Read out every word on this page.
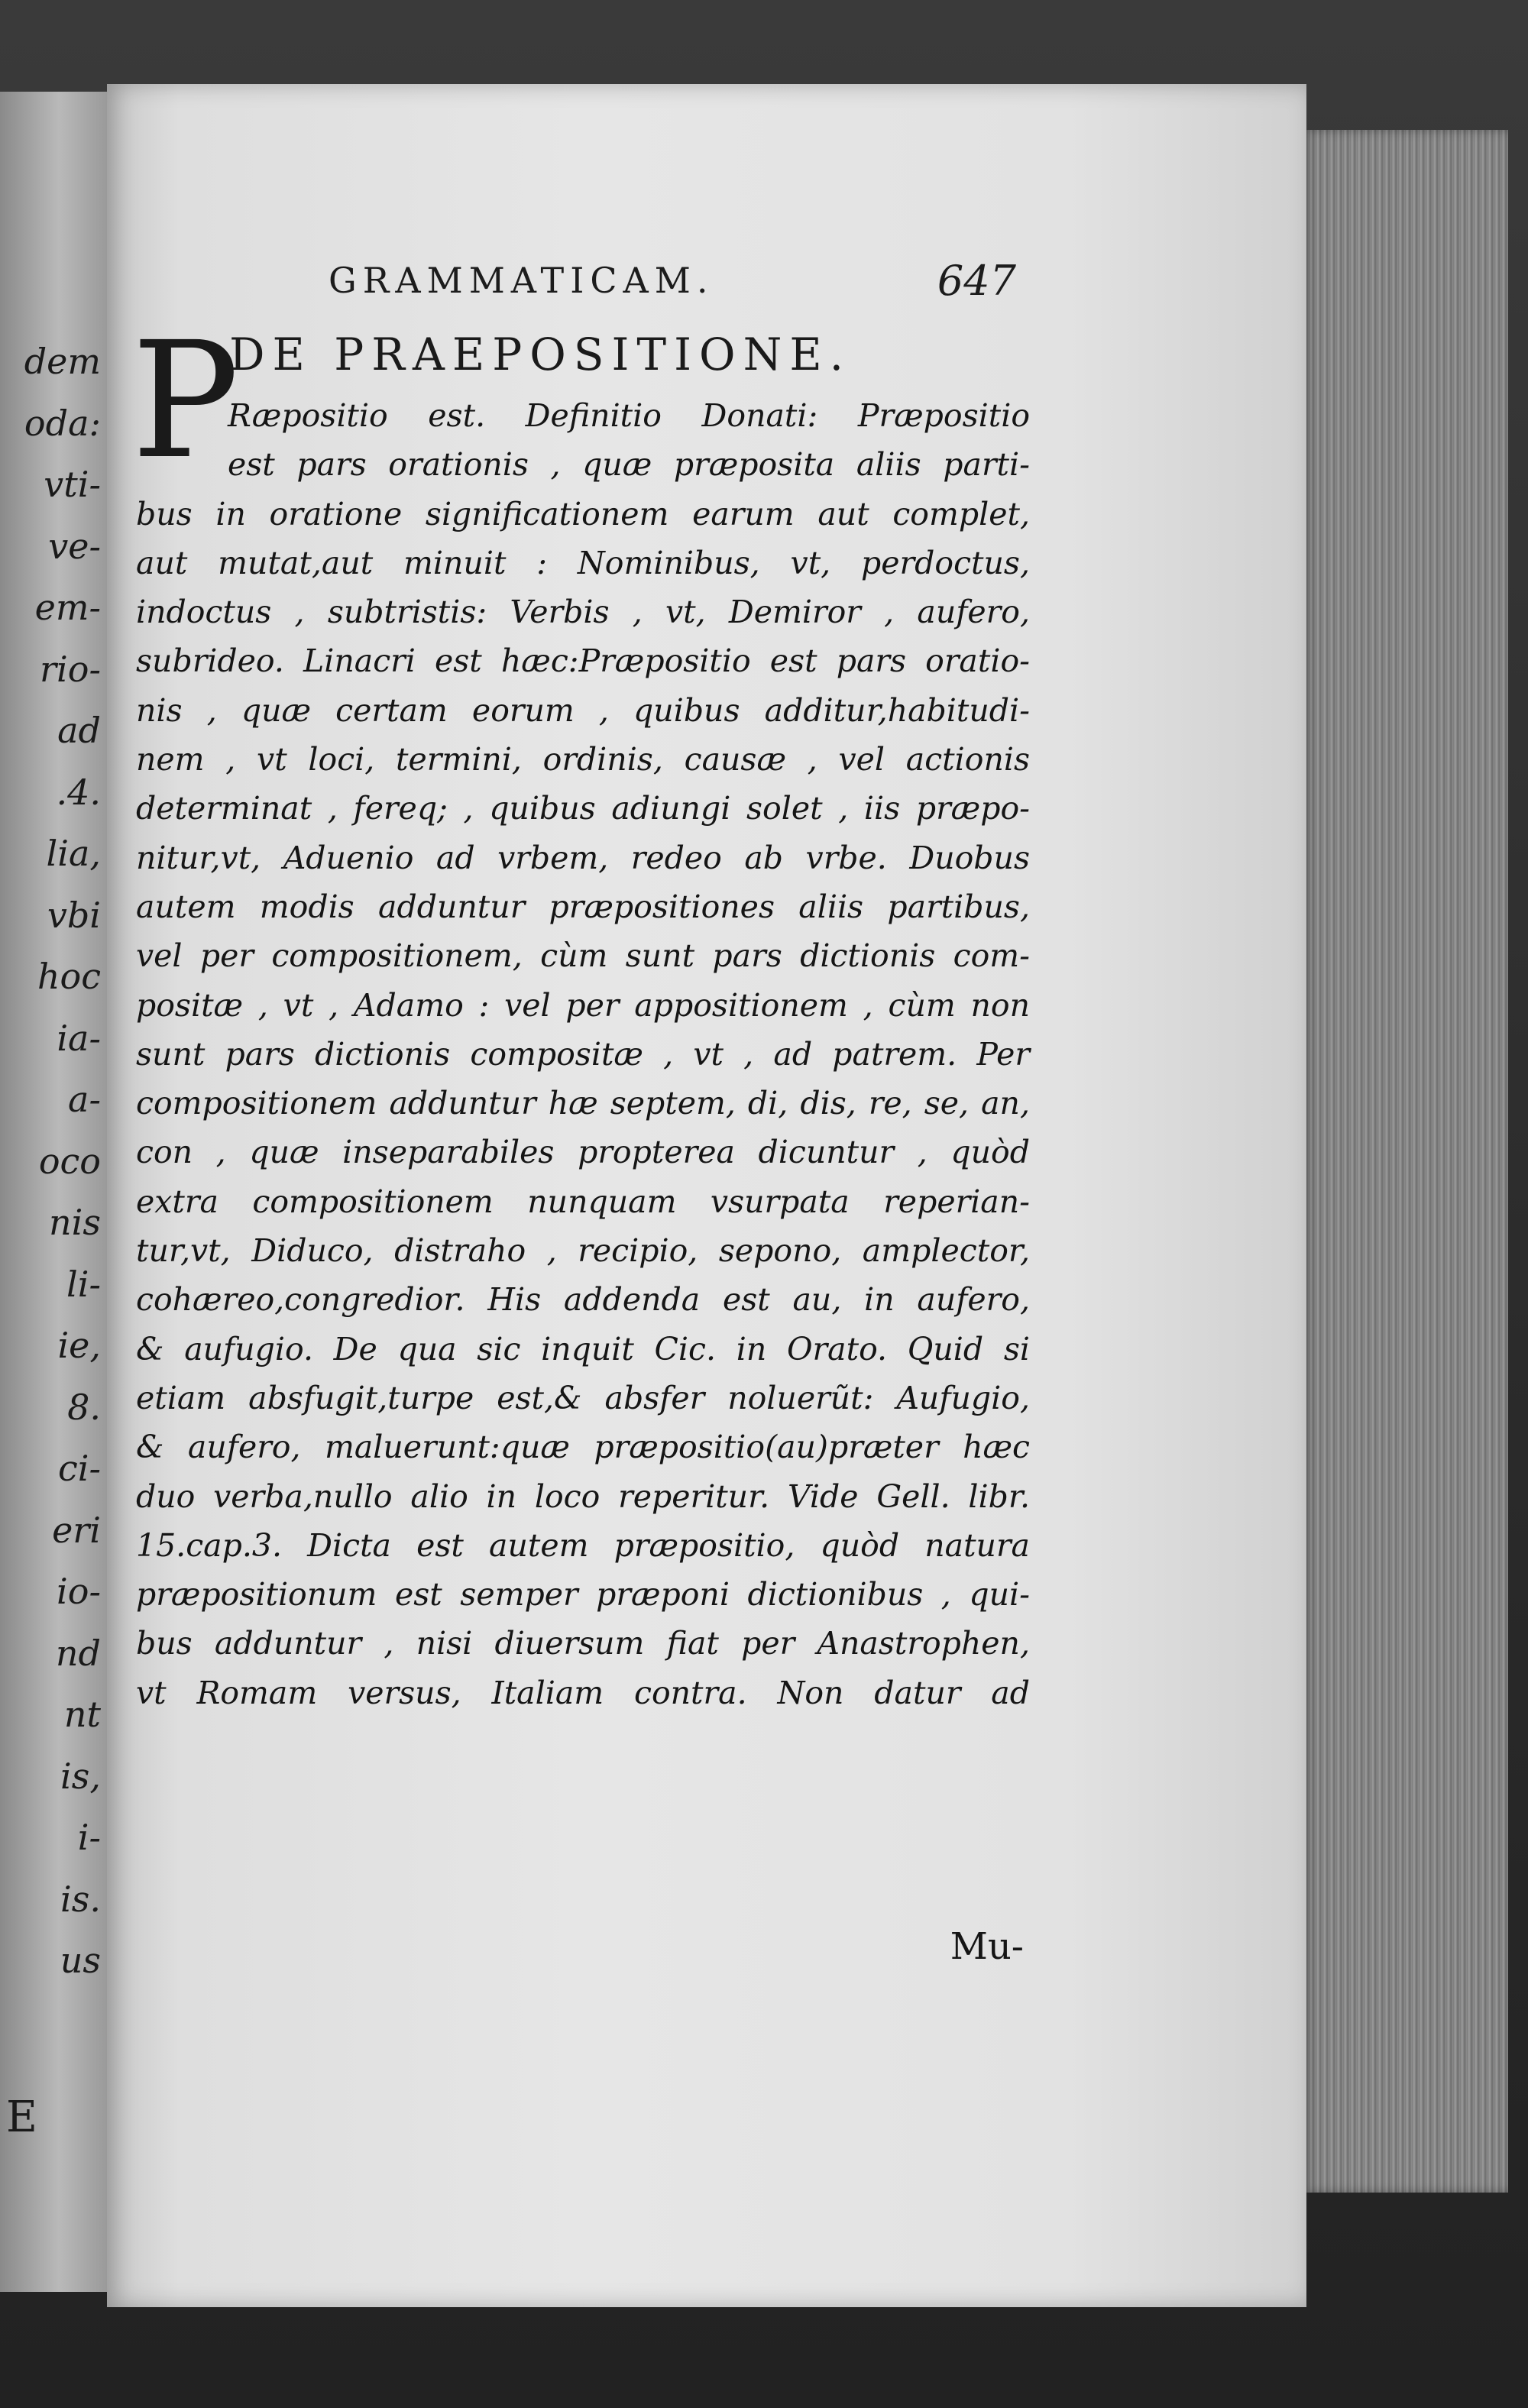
dem
oda:
vti-
ve-
em-
rio-
ad
.4.
lia,
vbi
hoc
ia-
a-
oco
nis
li-
ie,
8.
ci-
eri
io-
nd
nt
is,
i-
is.
us
E
GRAMMATICAM.	647
P
DE PRAEPOSITIONE.
Ræpositio est. Definitio Donati: Præpositio
est pars orationis , quæ præposita aliis parti-
bus in oratione significationem earum aut complet,
aut mutat,aut minuit : Nominibus, vt, perdoctus,
indoctus , subtristis: Verbis , vt, Demiror , aufero,
subrideo. Linacri est hæc:Præpositio est pars oratio-
nis , quæ certam eorum , quibus additur,habitudi-
nem , vt loci, termini, ordinis, causæ , vel actionis
determinat , fereq; , quibus adiungi solet , iis præpo-
nitur,vt, Aduenio ad vrbem, redeo ab vrbe. Duobus
autem modis adduntur præpositiones aliis partibus,
vel per compositionem, cùm sunt pars dictionis com-
positæ , vt , Adamo : vel per appositionem , cùm non
sunt pars dictionis compositæ , vt , ad patrem. Per
compositionem adduntur hæ septem, di, dis, re, se, an,
con , quæ inseparabiles propterea dicuntur , quòd
extra compositionem nunquam vsurpata reperian-
tur,vt, Diduco, distraho , recipio, sepono, amplector,
cohæreo,congredior. His addenda est au, in aufero,
& aufugio. De qua sic inquit Cic. in Orato. Quid si
etiam absfugit,turpe est,& absfer noluerũt: Aufugio,
& aufero, maluerunt:quæ præpositio(au)præter hæc
duo verba,nullo alio in loco reperitur. Vide Gell. libr.
15.cap.3. Dicta est autem præpositio, quòd natura
præpositionum est semper præponi dictionibus , qui-
bus adduntur , nisi diuersum fiat per Anastrophen,
vt Romam versus, Italiam contra. Non datur ad
Mu-
